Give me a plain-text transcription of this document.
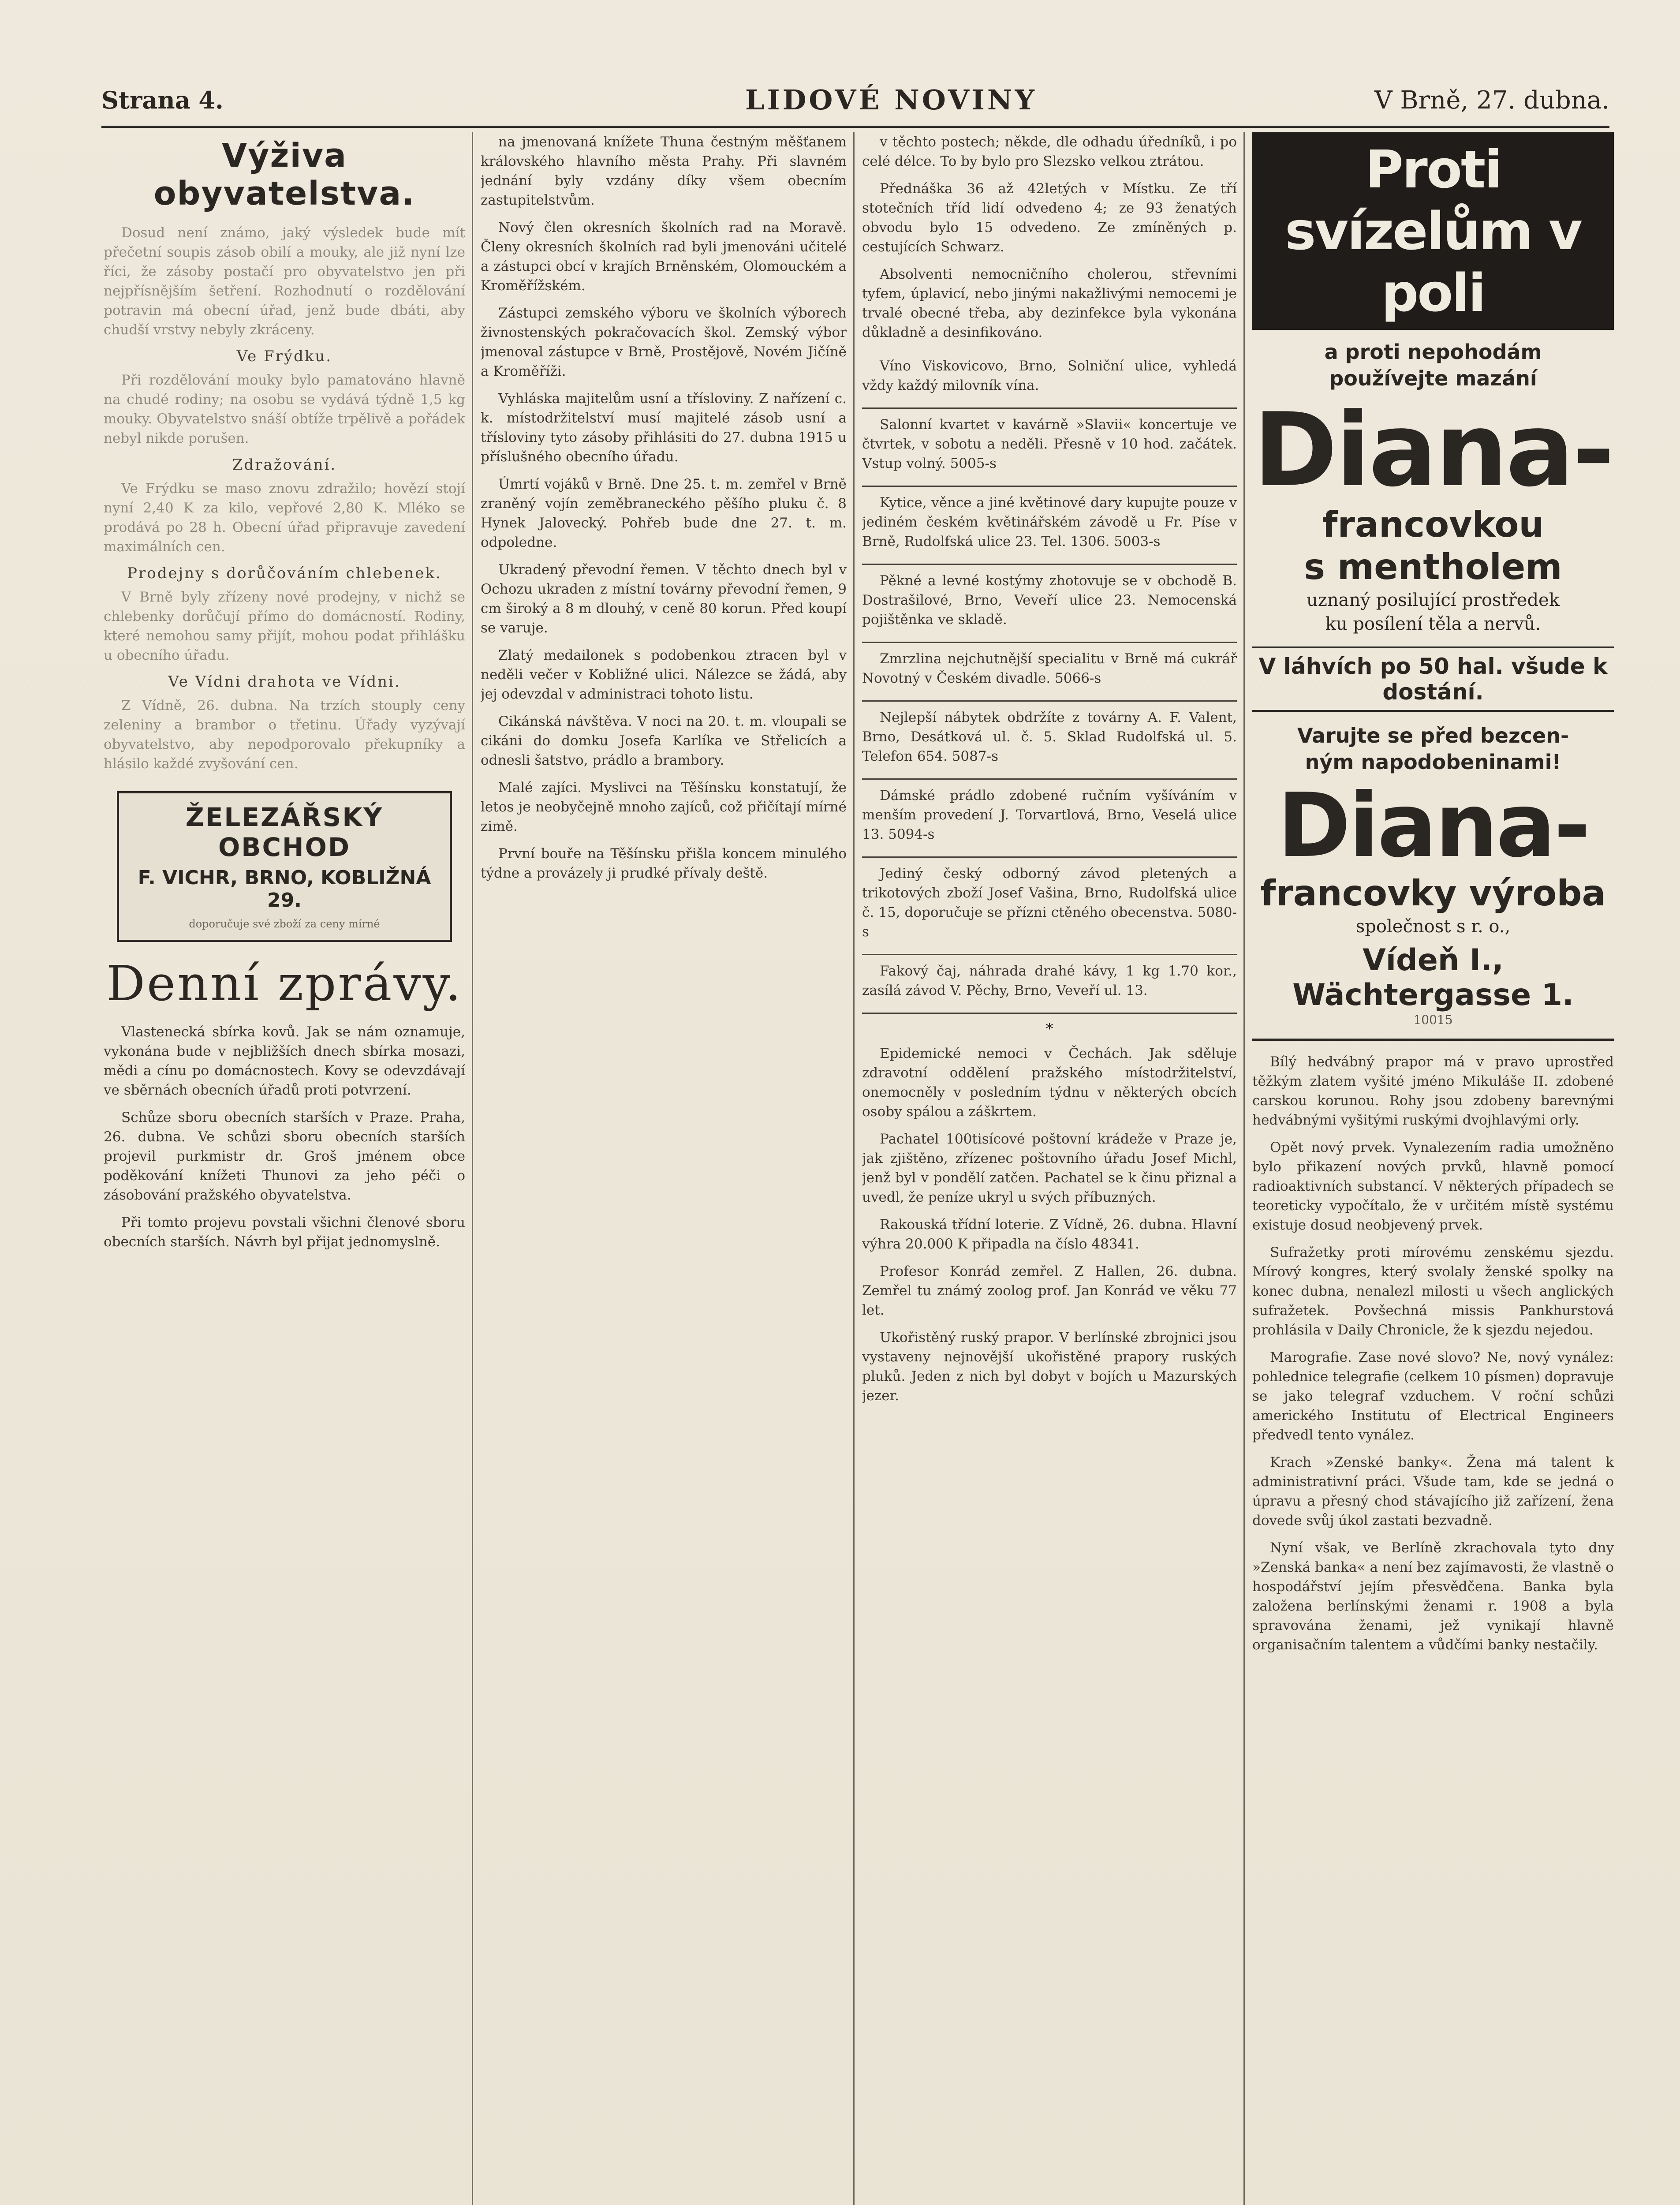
Strana 4.	LIDOVÉ NOVINY	V Brně, 27. dubna.
Výživa obyvatelstva.

Dosud není známo, jaký výsledek bude mít přečetní soupis zásob obilí a mouky, ale již nyní lze říci, že zásoby postačí pro obyvatelstvo jen při nejpřísnějším šetření. Rozhodnutí o rozdělování potravin má obecní úřad, jenž bude dbáti, aby chudší vrstvy nebyly zkráceny.

Ve Frýdku.

Při rozdělování mouky bylo pamatováno hlavně na chudé rodiny; na osobu se vydává týdně 1,5 kg mouky. Obyvatelstvo snáší obtíže trpělivě a pořádek nebyl nikde porušen.

Zdražování.

Ve Frýdku se maso znovu zdražilo; hovězí stojí nyní 2,40 K za kilo, vepřové 2,80 K. Mléko se prodává po 28 h. Obecní úřad připravuje zavedení maximálních cen.

Prodejny s dorůčováním chlebenek.

V Brně byly zřízeny nové prodejny, v nichž se chlebenky dorůčují přímo do domácností. Rodiny, které nemohou samy přijít, mohou podat přihlášku u obecního úřadu.

Ve Vídni drahota ve Vídni.

Z Vídně, 26. dubna. Na trzích stouply ceny zeleniny a brambor o třetinu. Úřady vyzývají obyvatelstvo, aby nepodporovalo překupníky a hlásilo každé zvyšování cen.

ŽELEZÁŘSKÝ OBCHOD
F. VICHR, BRNO, KOBLIŽNÁ 29.
doporučuje své zboží za ceny mírné
Denní zprávy.

Vlastenecká sbírka kovů. Jak se nám oznamuje, vykonána bude v nejbližších dnech sbírka mosazi, mědi a cínu po domácnostech. Kovy se odevzdávají ve sběrnách obecních úřadů proti potvrzení.

Schůze sboru obecních starších v Praze. Praha, 26. dubna. Ve schůzi sboru obecních starších projevil purkmistr dr. Groš jménem obce poděkování knížeti Thunovi za jeho péči o zásobování pražského obyvatelstva.

Při tomto projevu povstali všichni členové sboru obecních starších. Návrh byl přijat jednomyslně.

na jmenovaná knížete Thuna čestným měšťanem královského hlavního města Prahy. Při slavném jednání byly vzdány díky všem obecním zastupitelstvům.

Nový člen okresních školních rad na Moravě. Členy okresních školních rad byli jmenováni učitelé a zástupci obcí v krajích Brněnském, Olomouckém a Kroměřížském.

Zástupci zemského výboru ve školních výborech živnostenských pokračovacích škol. Zemský výbor jmenoval zástupce v Brně, Prostějově, Novém Jičíně a Kroměříži.

Vyhláska majitelům usní a třísloviny. Z nařízení c. k. místodržitelství musí majitelé zásob usní a třísloviny tyto zásoby přihlásiti do 27. dubna 1915 u příslušného obecního úřadu.

Úmrtí vojáků v Brně. Dne 25. t. m. zemřel v Brně zraněný vojín zeměbraneckého pěšího pluku č. 8 Hynek Jalovecký. Pohřeb bude dne 27. t. m. odpoledne.

Ukradený převodní řemen. V těchto dnech byl v Ochozu ukraden z místní továrny převodní řemen, 9 cm široký a 8 m dlouhý, v ceně 80 korun. Před koupí se varuje.

Zlatý medailonek s podobenkou ztracen byl v neděli večer v Kobližné ulici. Nálezce se žádá, aby jej odevzdal v administraci tohoto listu.

Cikánská návštěva. V noci na 20. t. m. vloupali se cikáni do domku Josefa Karlíka ve Střelicích a odnesli šatstvo, prádlo a brambory.

Malé zajíci. Myslivci na Těšínsku konstatují, že letos je neobyčejně mnoho zajíců, což přičítají mírné zimě.

První bouře na Těšínsku přišla koncem minulého týdne a provázely ji prudké přívaly deště.

v těchto postech; někde, dle odhadu úředníků, i po celé délce. To by bylo pro Slezsko velkou ztrátou.

Přednáška 36 až 42letých v Místku. Ze tří stotečních tříd lidí odvedeno 4; ze 93 ženatých obvodu bylo 15 odvedeno. Ze zmíněných p. cestujících Schwarz.

Absolventi nemocničního cholerou, střevními tyfem, úplavicí, nebo jinými nakažlivými nemocemi je trvalé obecné třeba, aby dezinfekce byla vykonána důkladně a desinfikováno.

Víno Viskovicovo, Brno, Solniční ulice, vyhledá vždy každý milovník vína.

Salonní kvartet v kavárně »Slavii« koncertuje ve čtvrtek, v sobotu a neděli. Přesně v 10 hod. začátek. Vstup volný. 5005-s

Kytice, věnce a jiné květinové dary kupujte pouze v jediném českém květinářském závodě u Fr. Píse v Brně, Rudolfská ulice 23. Tel. 1306. 5003-s

Pěkné a levné kostýmy zhotovuje se v obchodě B. Dostrašilové, Brno, Veveří ulice 23. Nemocenská pojištěnka ve skladě.

Zmrzlina nejchutnější specialitu v Brně má cukrář Novotný v Českém divadle. 5066-s

Nejlepší nábytek obdržíte z továrny A. F. Valent, Brno, Desátková ul. č. 5. Sklad Rudolfská ul. 5. Telefon 654. 5087-s

Dámské prádlo zdobené ručním vyšíváním v menším provedení J. Torvartlová, Brno, Veselá ulice 13. 5094-s

Jediný český odborný závod pletených a trikotových zboží Josef Vašina, Brno, Rudolfská ulice č. 15, doporučuje se přízni ctěného obecenstva. 5080-s

Fakový čaj, náhrada drahé kávy, 1 kg 1.70 kor., zasílá závod V. Pěchy, Brno, Veveří ul. 13.

*

Epidemické nemoci v Čechách. Jak sděluje zdravotní oddělení pražského místodržitelství, onemocněly v posledním týdnu v některých obcích osoby spálou a záškrtem.

Pachatel 100tisícové poštovní krádeže v Praze je, jak zjištěno, zřízenec poštovního úřadu Josef Michl, jenž byl v pondělí zatčen. Pachatel se k činu přiznal a uvedl, že peníze ukryl u svých příbuzných.

Rakouská třídní loterie. Z Vídně, 26. dubna. Hlavní výhra 20.000 K připadla na číslo 48341.

Profesor Konrád zemřel. Z Hallen, 26. dubna. Zemřel tu známý zoolog prof. Jan Konrád ve věku 77 let.

Ukořistěný ruský prapor. V berlínské zbrojnici jsou vystaveny nejnovější ukořistěné prapory ruských pluků. Jeden z nich byl dobyt v bojích u Mazurských jezer.

Proti svízelům v poli
a proti nepohodám
používejte mazání
Diana-
francovkou
s mentholem
uznaný posilující prostředek
ku posílení těla a nervů.
V láhvích po 50 hal. všude k dostání.
Varujte se před bezcen-
ným napodobeninami!
Diana-
francovky výroba
společnost s r. o.,
Vídeň I., Wächtergasse 1.
10015

Bílý hedvábný prapor má v pravo uprostřed těžkým zlatem vyšité jméno Mikuláše II. zdobené carskou korunou. Rohy jsou zdobeny barevnými hedvábnými vyšitými ruskými dvojhlavými orly.

Opět nový prvek. Vynalezením radia umožněno bylo přikazení nových prvků, hlavně pomocí radioaktivních substancí. V některých případech se teoreticky vypočítalo, že v určitém místě systému existuje dosud neobjevený prvek.

Sufražetky proti mírovému zenskému sjezdu. Mírový kongres, který svolaly ženské spolky na konec dubna, nenalezl milosti u všech anglických sufražetek. Povšechná missis Pankhurstová prohlásila v Daily Chronicle, že k sjezdu nejedou.

Marografie. Zase nové slovo? Ne, nový vynález: pohlednice telegrafie (celkem 10 písmen) dopravuje se jako telegraf vzduchem. V roční schůzi amerického Institutu of Electrical Engineers předvedl tento vynález.

Krach »Zenské banky«. Žena má talent k administrativní práci. Všude tam, kde se jedná o úpravu a přesný chod stávajícího již zařízení, žena dovede svůj úkol zastati bezvadně.

Nyní však, ve Berlíně zkrachovala tyto dny »Zenská banka« a není bez zajímavosti, že vlastně o hospodářství jejím přesvědčena. Banka byla založena berlínskými ženami r. 1908 a byla spravována ženami, jež vynikají hlavně organisačním talentem a vůdčími banky nestačily.
